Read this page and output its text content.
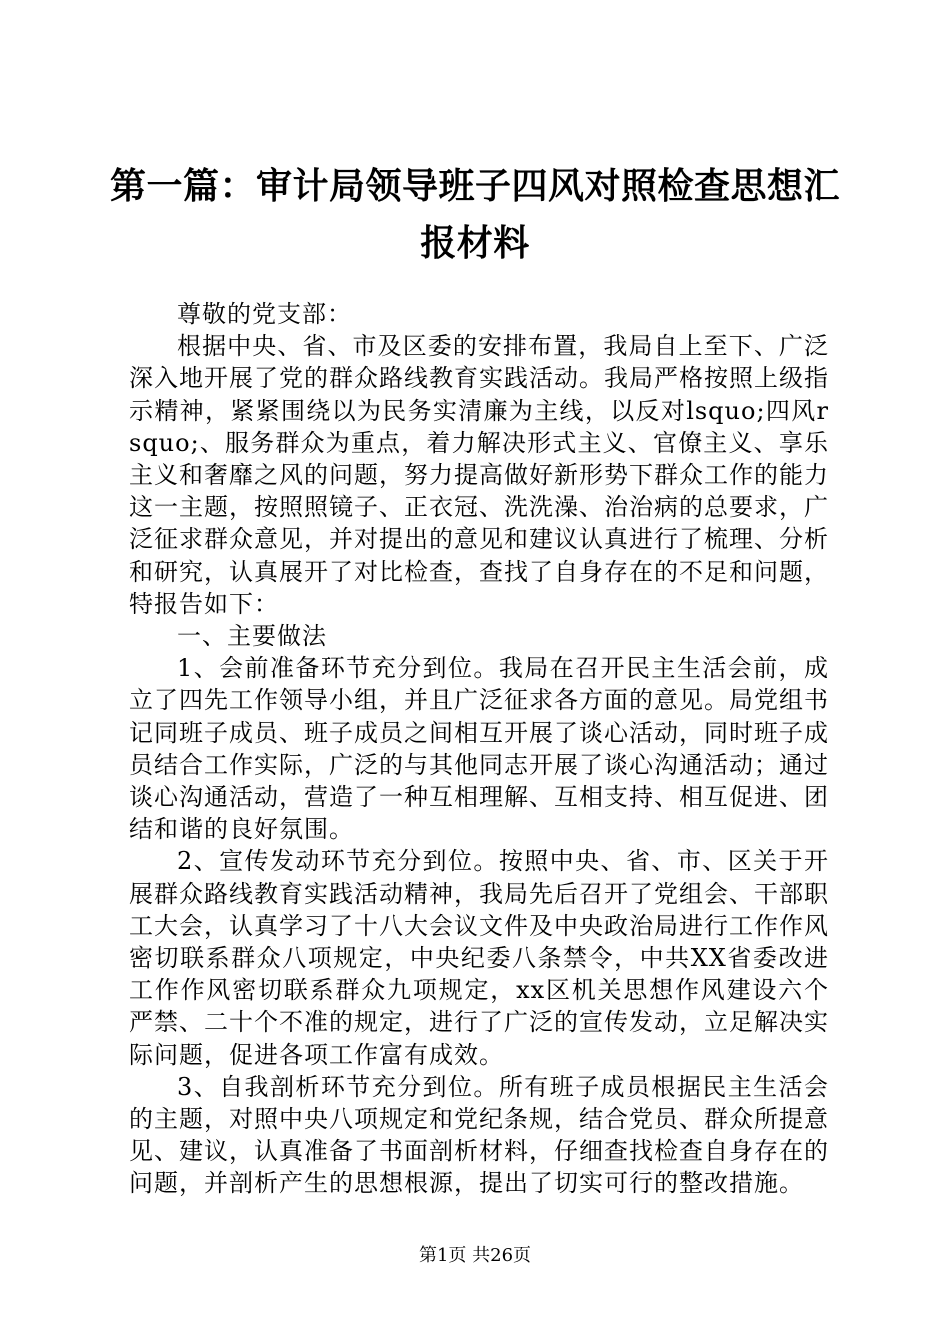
第一篇：审计局领导班子四风对照检查思想汇
报材料

尊敬的党支部：

根据中央、省、市及区委的安排布置，我局自上至下、广泛深入地开展了党的群众路线教育实践活动。我局严格按照上级指示精神，紧紧围绕以为民务实清廉为主线，以反对lsquo;四风rsquo;、服务群众为重点，着力解决形式主义、官僚主义、享乐主义和奢靡之风的问题，努力提高做好新形势下群众工作的能力这一主题，按照照镜子、正衣冠、洗洗澡、治治病的总要求，广泛征求群众意见，并对提出的意见和建议认真进行了梳理、分析和研究，认真展开了对比检查，查找了自身存在的不足和问题，特报告如下：

一、主要做法

1、会前准备环节充分到位。我局在召开民主生活会前，成立了四先工作领导小组，并且广泛征求各方面的意见。局党组书记同班子成员、班子成员之间相互开展了谈心活动，同时班子成员结合工作实际，广泛的与其他同志开展了谈心沟通活动；通过谈心沟通活动，营造了一种互相理解、互相支持、相互促进、团结和谐的良好氛围。

2、宣传发动环节充分到位。按照中央、省、市、区关于开展群众路线教育实践活动精神，我局先后召开了党组会、干部职工大会，认真学习了十八大会议文件及中央政治局进行工作作风密切联系群众八项规定，中央纪委八条禁令，中共XX省委改进工作作风密切联系群众九项规定，xx区机关思想作风建设六个严禁、二十个不准的规定，进行了广泛的宣传发动，立足解决实际问题，促进各项工作富有成效。

3、自我剖析环节充分到位。所有班子成员根据民主生活会的主题，对照中央八项规定和党纪条规，结合党员、群众所提意见、建议，认真准备了书面剖析材料，仔细查找检查自身存在的问题，并剖析产生的思想根源，提出了切实可行的整改措施。

第1页 共26页
